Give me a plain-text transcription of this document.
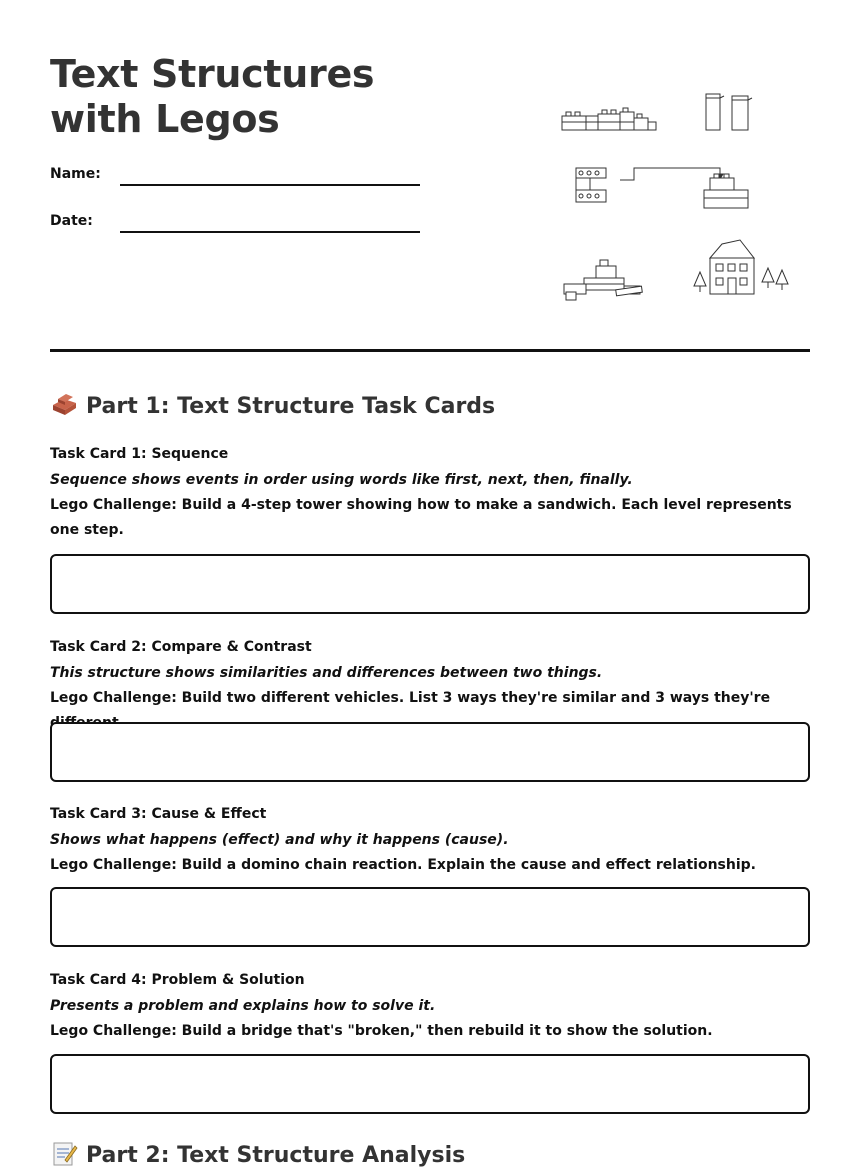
Text Structures with Legos
Name:
Date:
Part 1: Text Structure Task Cards
Task Card 1: Sequence
Sequence shows events in order using words like first, next, then, finally.
Lego Challenge: Build a 4-step tower showing how to make a sandwich. Each level represents one step.
Task Card 2: Compare & Contrast
This structure shows similarities and differences between two things.
Lego Challenge: Build two different vehicles. List 3 ways they're similar and 3 ways they're
Task Card 3: Cause & Effect
Shows what happens (effect) and why it happens (cause).
Lego Challenge: Build a domino chain reaction. Explain the cause and effect relationship.
Task Card 4: Problem & Solution
Presents a problem and explains how to solve it.
Lego Challenge: Build a bridge that's "broken," then rebuild it to show the solution.
Part 2: Text Structure Analysis
